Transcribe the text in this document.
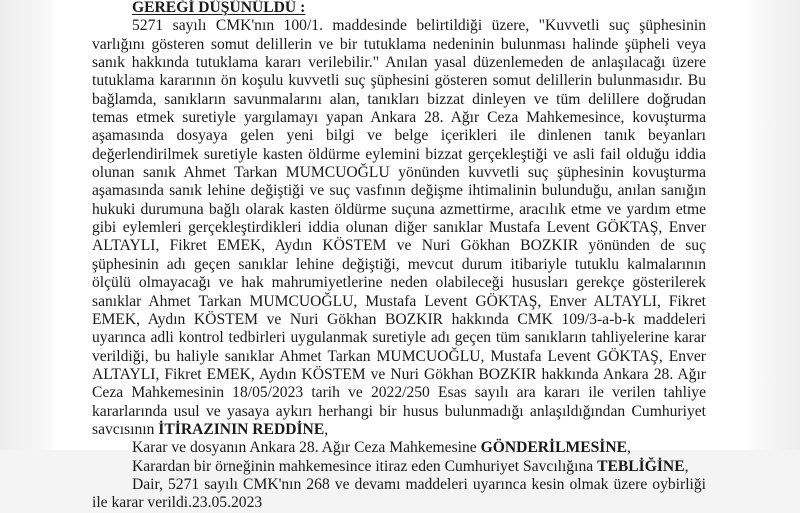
GEREĞİ DÜŞÜNÜLDÜ :

5271 sayılı CMK'nın 100/1. maddesinde belirtildiği üzere, "Kuvvetli suç şüphesinin varlığını gösteren somut delillerin ve bir tutuklama nedeninin bulunması halinde şüpheli veya sanık hakkında tutuklama kararı verilebilir." Anılan yasal düzenlemeden de anlaşılacağı üzere tutuklama kararının ön koşulu kuvvetli suç şüphesini gösteren somut delillerin bulunmasıdır. Bu bağlamda, sanıkların savunmalarını alan, tanıkları bizzat dinleyen ve tüm delillere doğrudan temas etmek suretiyle yargılamayı yapan Ankara 28. Ağır Ceza Mahkemesince, kovuşturma aşamasında dosyaya gelen yeni bilgi ve belge içerikleri ile dinlenen tanık beyanları değerlendirilmek suretiyle kasten öldürme eylemini bizzat gerçekleştiği ve asli fail olduğu iddia olunan sanık Ahmet Tarkan MUMCUOĞLU yönünden kuvvetli suç şüphesinin kovuşturma aşamasında sanık lehine değiştiği ve suç vasfının değişme ihtimalinin bulunduğu, anılan sanığın hukuki durumuna bağlı olarak kasten öldürme suçuna azmettirme, aracılık etme ve yardım etme gibi eylemleri gerçekleştirdikleri iddia olunan diğer sanıklar Mustafa Levent GÖKTAŞ, Enver ALTAYLI, Fikret EMEK, Aydın KÖSTEM ve Nuri Gökhan BOZKIR yönünden de suç şüphesinin adı geçen sanıklar lehine değiştiği, mevcut durum itibariyle tutuklu kalmalarının ölçülü olmayacağı ve hak mahrumiyetlerine neden olabileceği hususları gerekçe gösterilerek sanıklar Ahmet Tarkan MUMCUOĞLU, Mustafa Levent GÖKTAŞ, Enver ALTAYLI, Fikret EMEK, Aydın KÖSTEM ve Nuri Gökhan BOZKIR hakkında CMK 109/3-a-b-k maddeleri uyarınca adli kontrol tedbirleri uygulanmak suretiyle adı geçen tüm sanıkların tahliyelerine karar verildiği, bu haliyle sanıklar Ahmet Tarkan MUMCUOĞLU, Mustafa Levent GÖKTAŞ, Enver ALTAYLI, Fikret EMEK, Aydın KÖSTEM ve Nuri Gökhan BOZKIR hakkında Ankara 28. Ağır Ceza Mahkemesinin 18/05/2023 tarih ve 2022/250 Esas sayılı ara kararı ile verilen tahliye kararlarında usul ve yasaya aykırı herhangi bir husus bulunmadığı anlaşıldığından Cumhuriyet savcısının İTİRAZININ REDDİNE,

Karar ve dosyanın Ankara 28. Ağır Ceza Mahkemesine GÖNDERİLMESİNE,

Karardan bir örneğinin mahkemesince itiraz eden Cumhuriyet Savcılığına TEBLİĞİNE,

Dair, 5271 sayılı CMK'nın 268 ve devamı maddeleri uyarınca kesin olmak üzere oybirliği ile karar verildi.23.05.2023
